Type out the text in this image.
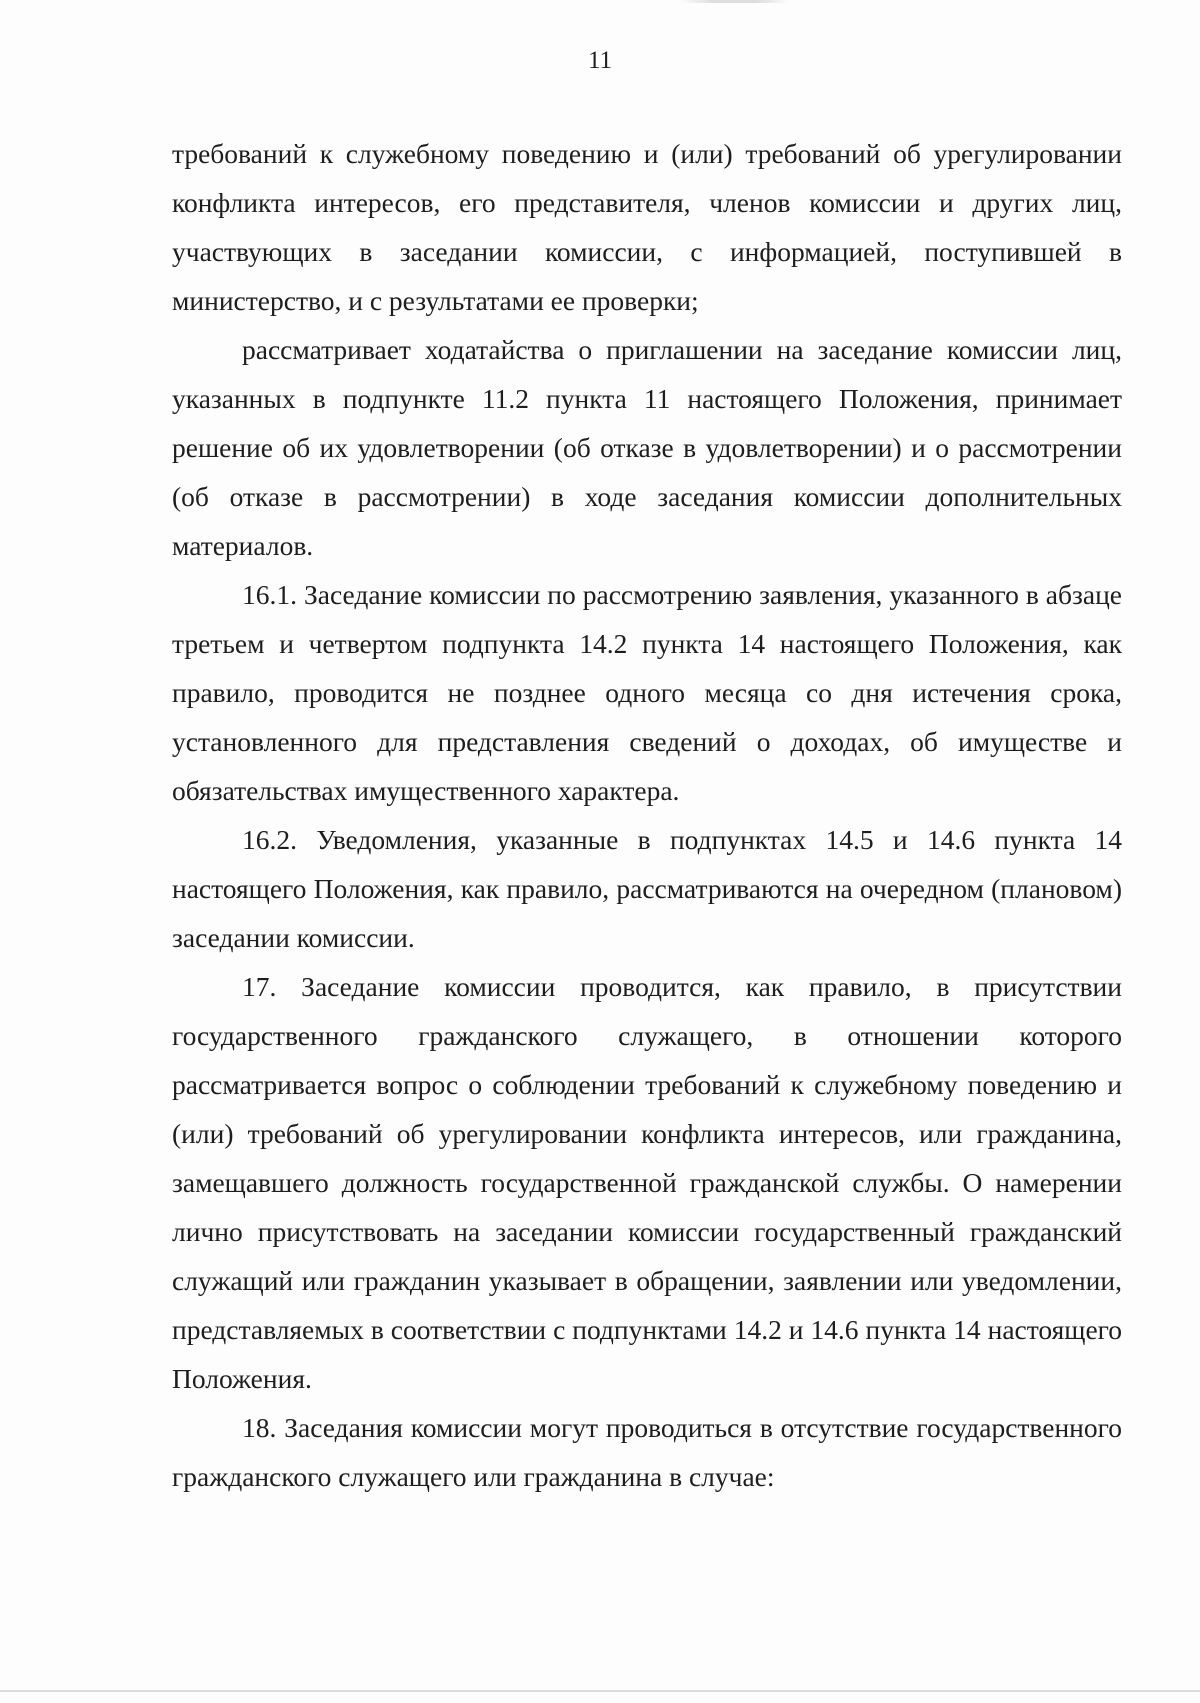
11

требований к служебному поведению и (или) требований об урегулировании конфликта интересов, его представителя, членов комиссии и других лиц, участвующих в заседании комиссии, с информацией, поступившей в министерство, и с результатами ее проверки;

рассматривает ходатайства о приглашении на заседание комиссии лиц, указанных в подпункте 11.2 пункта 11 настоящего Положения, принимает решение об их удовлетворении (об отказе в удовлетворении) и о рассмотрении (об отказе в рассмотрении) в ходе заседания комиссии дополнительных материалов.

16.1. Заседание комиссии по рассмотрению заявления, указанного в абзаце третьем и четвертом подпункта 14.2 пункта 14 настоящего Положения, как правило, проводится не позднее одного месяца со дня истечения срока, установленного для представления сведений о доходах, об имуществе и обязательствах имущественного характера.

16.2. Уведомления, указанные в подпунктах 14.5 и 14.6 пункта 14 настоящего Положения, как правило, рассматриваются на очередном (плановом) заседании комиссии.

17. Заседание комиссии проводится, как правило, в присутствии государственного гражданского служащего, в отношении которого рассматривается вопрос о соблюдении требований к служебному поведению и (или) требований об урегулировании конфликта интересов, или гражданина, замещавшего должность государственной гражданской службы. О намерении лично присутствовать на заседании комиссии государственный гражданский служащий или гражданин указывает в обращении, заявлении или уведомлении, представляемых в соответствии с подпунктами 14.2 и 14.6 пункта 14 настоящего Положения.

18. Заседания комиссии могут проводиться в отсутствие государственного гражданского служащего или гражданина в случае:
